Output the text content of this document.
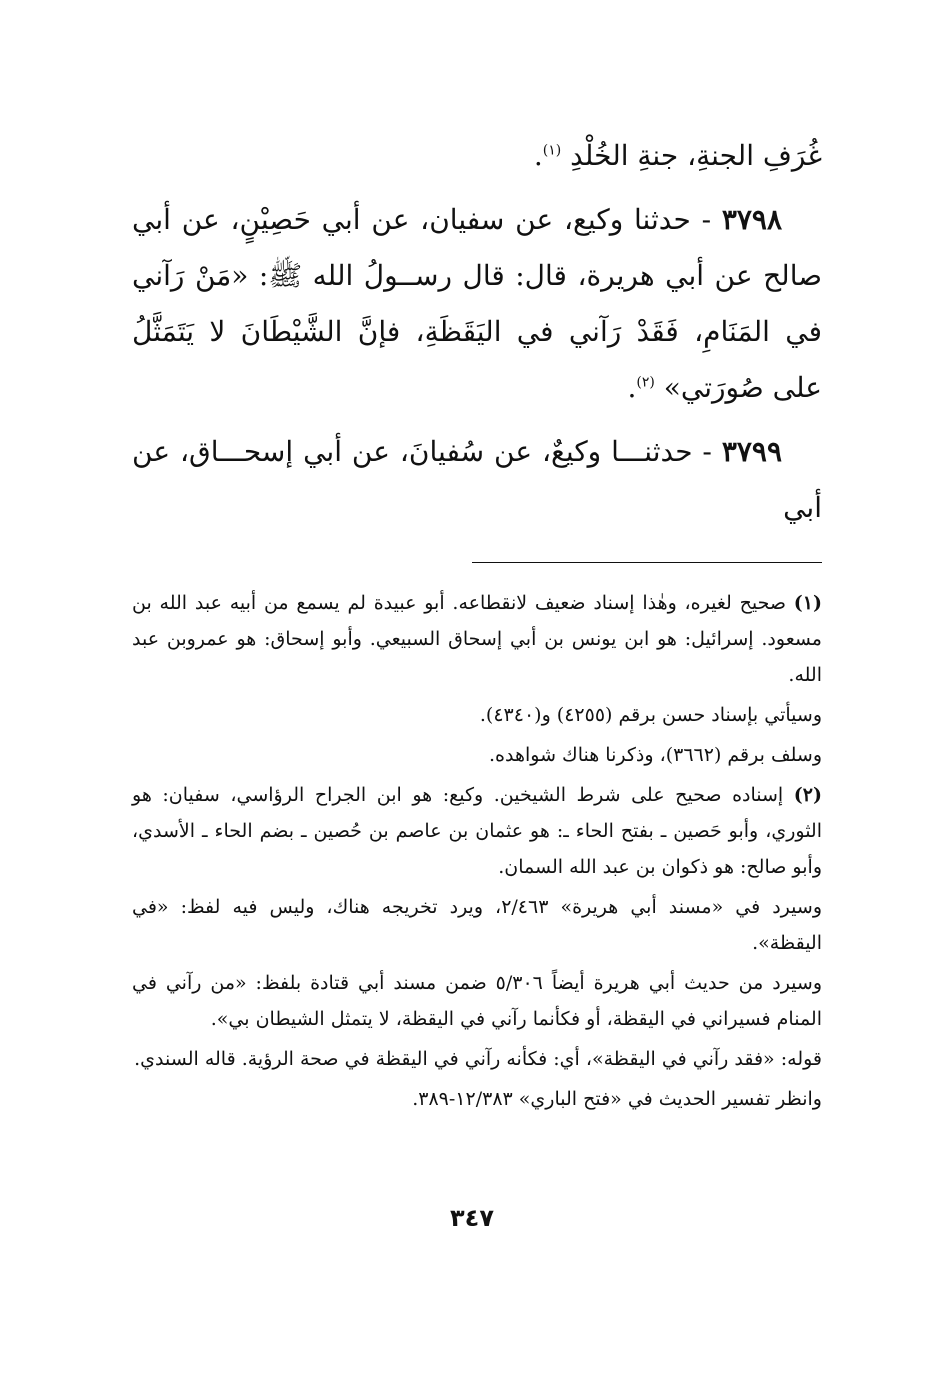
غُرَفِ الجنةِ، جنةِ الخُلْدِ $^{(١)}$.

٣٧٩٨ - حدثنا وكيع، عن سفيان، عن أبي حَصِيْنٍ، عن أبي صالح عن أبي هريرة، قال: قال رســولُ الله ﷺ: «مَنْ رَآني في المَنَامِ، فَقَدْ رَآني في اليَقَظَةِ، فإنَّ الشَّيْطَانَ لا يَتَمَثَّلُ على صُورَتي» $^{(٢)}$.

٣٧٩٩ - حدثنـــا وكيعٌ، عن سُفيانَ، عن أبي إسحـــاق، عن أبي

(١) صحيح لغيره، وهٰذا إسناد ضعيف لانقطاعه. أبو عبيدة لم يسمع من أبيه عبد الله بن مسعود. إسرائيل: هو ابن يونس بن أبي إسحاق السبيعي. وأبو إسحاق: هو عمروبن عبد الله.

وسيأتي بإسناد حسن برقم (٤٢٥٥) و(٤٣٤٠).

وسلف برقم (٣٦٦٢)، وذكرنا هناك شواهده.

(٢) إسناده صحيح على شرط الشيخين. وكيع: هو ابن الجراح الرؤاسي، سفيان: هو الثوري، وأبو حَصين ـ بفتح الحاء ـ: هو عثمان بن عاصم بن حُصين ـ بضم الحاء ـ الأسدي، وأبو صالح: هو ذكوان بن عبد الله السمان.

وسيرد في «مسند أبي هريرة» ٢/٤٦٣، ويرد تخريجه هناك، وليس فيه لفظ: «في اليقظة».

وسيرد من حديث أبي هريرة أيضاً ٥/٣٠٦ ضمن مسند أبي قتادة بلفظ: «من رآني في المنام فسيراني في اليقظة، أو فكأنما رآني في اليقظة، لا يتمثل الشيطان بي».

قوله: «فقد رآني في اليقظة»، أي: فكأنه رآني في اليقظة في صحة الرؤية. قاله السندي.

وانظر تفسير الحديث في «فتح الباري» ١٢/٣٨٣-٣٨٩.

٣٤٧
